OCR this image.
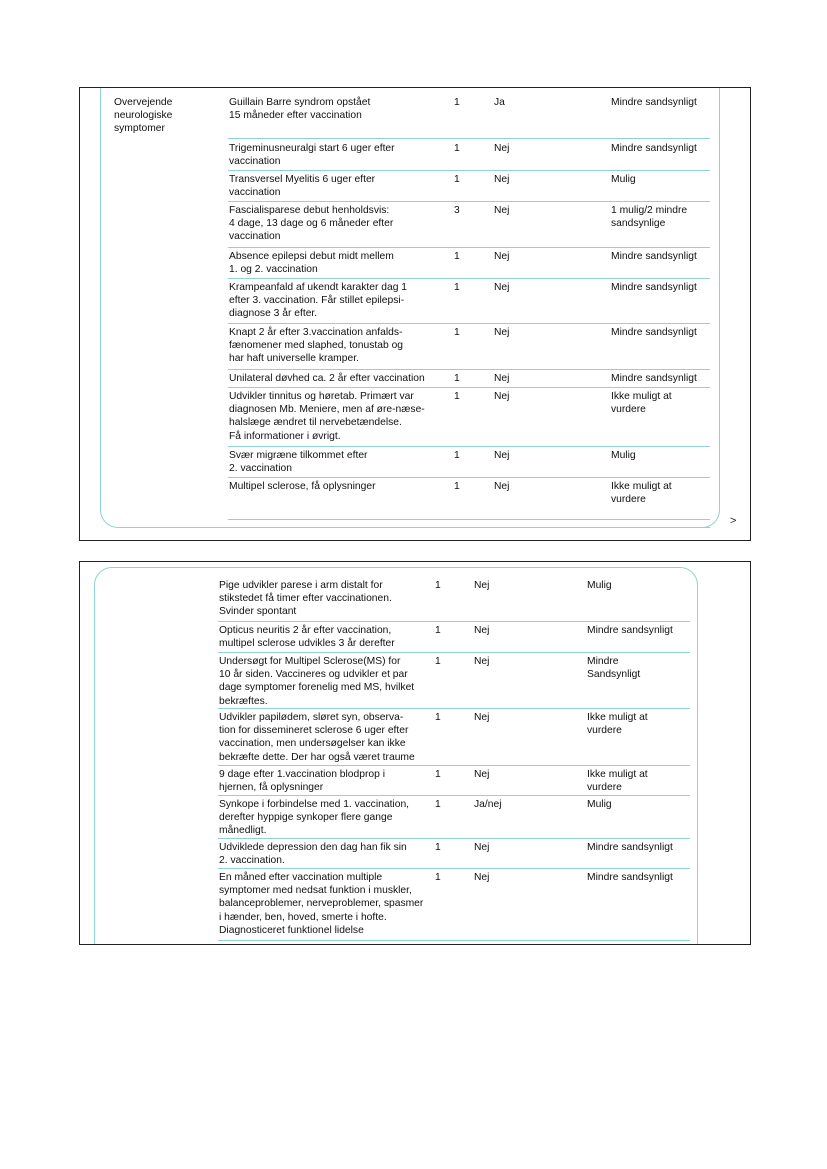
Overvejende neurologiske symptomer
Guillain Barre syndrom opstået
15 måneder efter vaccination
1	Ja	Mindre sandsynligt
Trigeminusneuralgi start 6 uger efter
vaccination
1	Nej	Mindre sandsynligt
Transversel Myelitis 6 uger efter
vaccination
1	Nej	Mulig
Fascialisparese debut henholdsvis:
4 dage, 13 dage og 6 måneder efter
vaccination
3	Nej	1 mulig/2 mindre
sandsynlige
Absence epilepsi debut midt mellem
1. og 2. vaccination
1	Nej	Mindre sandsynligt
Krampeanfald af ukendt karakter dag 1
efter 3. vaccination. Får stillet epilepsi-
diagnose 3 år efter.
1	Nej	Mindre sandsynligt
Knapt 2 år efter 3.vaccination anfalds-
fænomener med slaphed, tonustab og
har haft universelle kramper.
1	Nej	Mindre sandsynligt
Unilateral døvhed ca. 2 år efter vaccination	1	Nej	Mindre sandsynligt
Udvikler tinnitus og høretab. Primært var
diagnosen Mb. Meniere, men af øre-næse-
halslæge ændret til nervebetændelse.
Få informationer i øvrigt.
1	Nej	Ikke muligt at
vurdere
Svær migræne tilkommet efter
2. vaccination
1	Nej	Mulig
Multipel sclerose, få oplysninger	1	Nej	Ikke muligt at
vurdere
>
Pige udvikler parese i arm distalt for
stikstedet få timer efter vaccinationen.
Svinder spontant
1	Nej	Mulig
Opticus neuritis 2 år efter vaccination,
multipel sclerose udvikles 3 år derefter
1	Nej	Mindre sandsynligt
Undersøgt for Multipel Sclerose(MS) for
10 år siden. Vaccineres og udvikler et par
dage symptomer forenelig med MS, hvilket
bekræftes.
1	Nej	Mindre
Sandsynligt
Udvikler papilødem, sløret syn, observa-
tion for dissemineret sclerose 6 uger efter
vaccination, men undersøgelser kan ikke
bekræfte dette. Der har også været traume
1	Nej	Ikke muligt at
vurdere
9 dage efter 1.vaccination blodprop i
hjernen, få oplysninger
1	Nej	Ikke muligt at
vurdere
Synkope i forbindelse med 1. vaccination,
derefter hyppige synkoper flere gange
månedligt.
1	Ja/nej	Mulig
Udviklede depression den dag han fik sin
2. vaccination.
1	Nej	Mindre sandsynligt
En måned efter vaccination multiple
symptomer med nedsat funktion i muskler,
balanceproblemer, nerveproblemer, spasmer
i hænder, ben, hoved, smerte i hofte.
Diagnosticeret funktionel lidelse
1	Nej	Mindre sandsynligt
